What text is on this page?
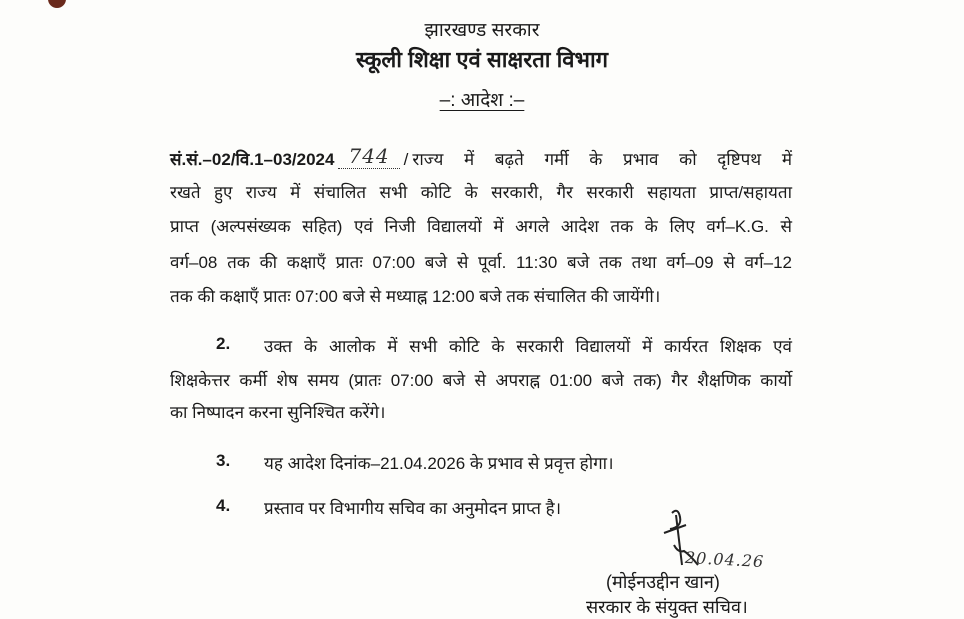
झारखण्ड सरकार
स्कूली शिक्षा एवं साक्षरता विभाग
–: आदेश :–
सं.सं.–02/वि.1–03/2024 744 / राज्य में बढ़ते गर्मी के प्रभाव को दृष्टिपथ में
रखते हुए राज्य में संचालित सभी कोटि के सरकारी, गैर सरकारी सहायता प्राप्त/सहायता
प्राप्त (अल्पसंख्यक सहित) एवं निजी विद्यालयों में अगले आदेश तक के लिए वर्ग–K.G. से
वर्ग–08 तक की कक्षाएँ प्रातः 07:00 बजे से पूर्वा. 11:30 बजे तक तथा वर्ग–09 से वर्ग–12
तक की कक्षाएँ प्रातः 07:00 बजे से मध्याह्न 12:00 बजे तक संचालित की जायेंगी।
2. उक्त के आलोक में सभी कोटि के सरकारी विद्यालयों में कार्यरत शिक्षक एवं
शिक्षकेत्तर कर्मी शेष समय (प्रातः 07:00 बजे से अपराह्न 01:00 बजे तक) गैर शैक्षणिक कार्यो
का निष्पादन करना सुनिश्चित करेंगे।
3. यह आदेश दिनांक–21.04.2026 के प्रभाव से प्रवृत्त होगा।
4. प्रस्ताव पर विभागीय सचिव का अनुमोदन प्राप्त है।
20.04.26
(मोईनउद्दीन खान)
सरकार के संयुक्त सचिव।
